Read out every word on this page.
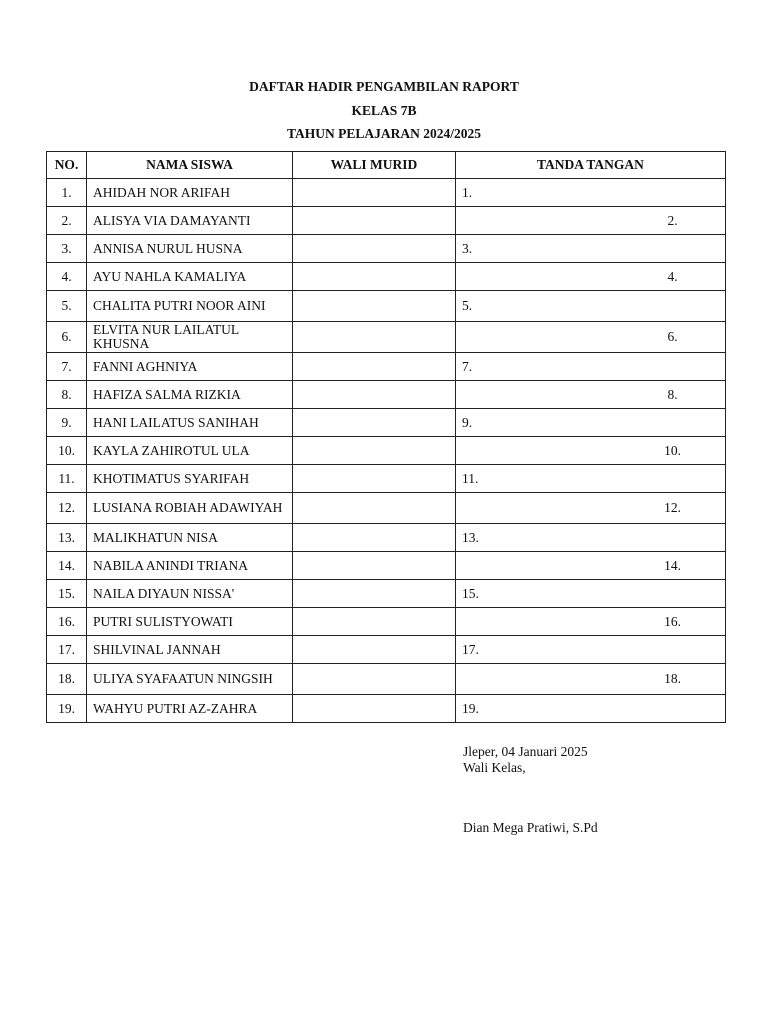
DAFTAR HADIR PENGAMBILAN RAPORT
KELAS 7B
TAHUN PELAJARAN 2024/2025
NO.	NAMA SISWA	WALI MURID	TANDA TANGAN
1.	AHIDAH NOR ARIFAH		1.
2.	ALISYA VIA DAMAYANTI		2.
3.	ANNISA NURUL HUSNA		3.
4.	AYU NAHLA KAMALIYA		4.
5.	CHALITA PUTRI NOOR AINI		5.
6.	ELVITA NUR LAILATUL KHUSNA		6.
7.	FANNI AGHNIYA		7.
8.	HAFIZA SALMA RIZKIA		8.
9.	HANI LAILATUS SANIHAH		9.
10.	KAYLA ZAHIROTUL ULA		10.
11.	KHOTIMATUS SYARIFAH		11.
12.	LUSIANA ROBIAH ADAWIYAH		12.
13.	MALIKHATUN NISA		13.
14.	NABILA ANINDI TRIANA		14.
15.	NAILA DIYAUN NISSA'		15.
16.	PUTRI SULISTYOWATI		16.
17.	SHILVINAL JANNAH		17.
18.	ULIYA SYAFAATUN NINGSIH		18.
19.	WAHYU PUTRI AZ-ZAHRA		19.
Jleper, 04 Januari 2025
Wali Kelas,
Dian Mega Pratiwi, S.Pd
